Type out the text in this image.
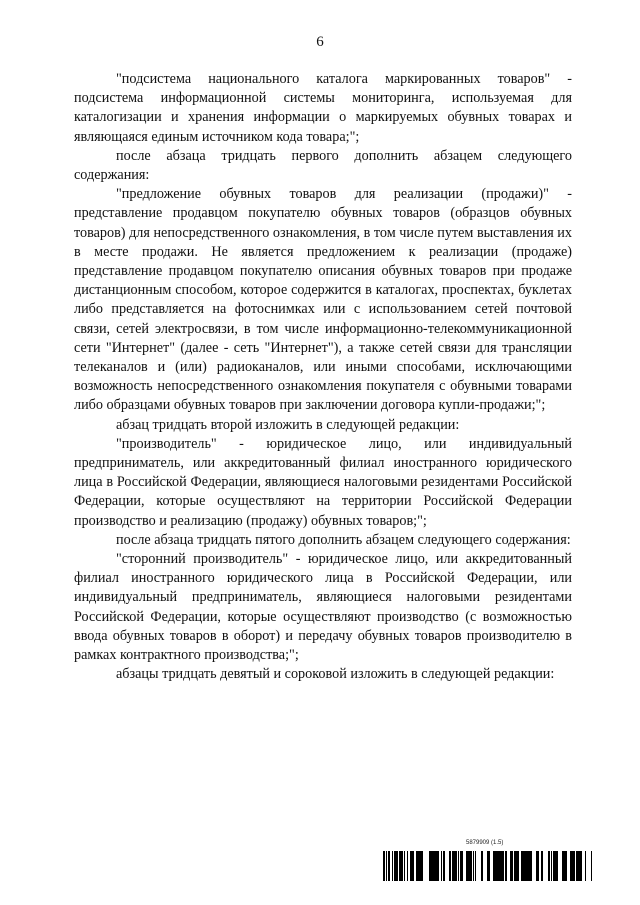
6

"подсистема национального каталога маркированных товаров" - подсистема информационной системы мониторинга, используемая для каталогизации и хранения информации о маркируемых обувных товарах и являющаяся единым источником кода товара;";

после абзаца тридцать первого дополнить абзацем следующего содержания:

"предложение обувных товаров для реализации (продажи)" - представление продавцом покупателю обувных товаров (образцов обувных товаров) для непосредственного ознакомления, в том числе путем выставления их в месте продажи. Не является предложением к реализации (продаже) представление продавцом покупателю описания обувных товаров при продаже дистанционным способом, которое содержится в каталогах, проспектах, буклетах либо представляется на фотоснимках или с использованием сетей почтовой связи, сетей электросвязи, в том числе информационно-телекоммуникационной сети "Интернет" (далее - сеть "Интернет"), а также сетей связи для трансляции телеканалов и (или) радиоканалов, или иными способами, исключающими возможность непосредственного ознакомления покупателя с обувными товарами либо образцами обувных товаров при заключении договора купли-продажи;";

абзац тридцать второй изложить в следующей редакции:

"производитель" - юридическое лицо, или индивидуальный предприниматель, или аккредитованный филиал иностранного юридического лица в Российской Федерации, являющиеся налоговыми резидентами Российской Федерации, которые осуществляют на территории Российской Федерации производство и реализацию (продажу) обувных товаров;";

после абзаца тридцать пятого дополнить абзацем следующего содержания:

"сторонний производитель" - юридическое лицо, или аккредитованный филиал иностранного юридического лица в Российской Федерации, или индивидуальный предприниматель, являющиеся налоговыми резидентами Российской Федерации, которые осуществляют производство (с возможностью ввода обувных товаров в оборот) и передачу обувных товаров производителю в рамках контрактного производства;";

абзацы тридцать девятый и сороковой изложить в следующей редакции:

5879909 (1.5)
